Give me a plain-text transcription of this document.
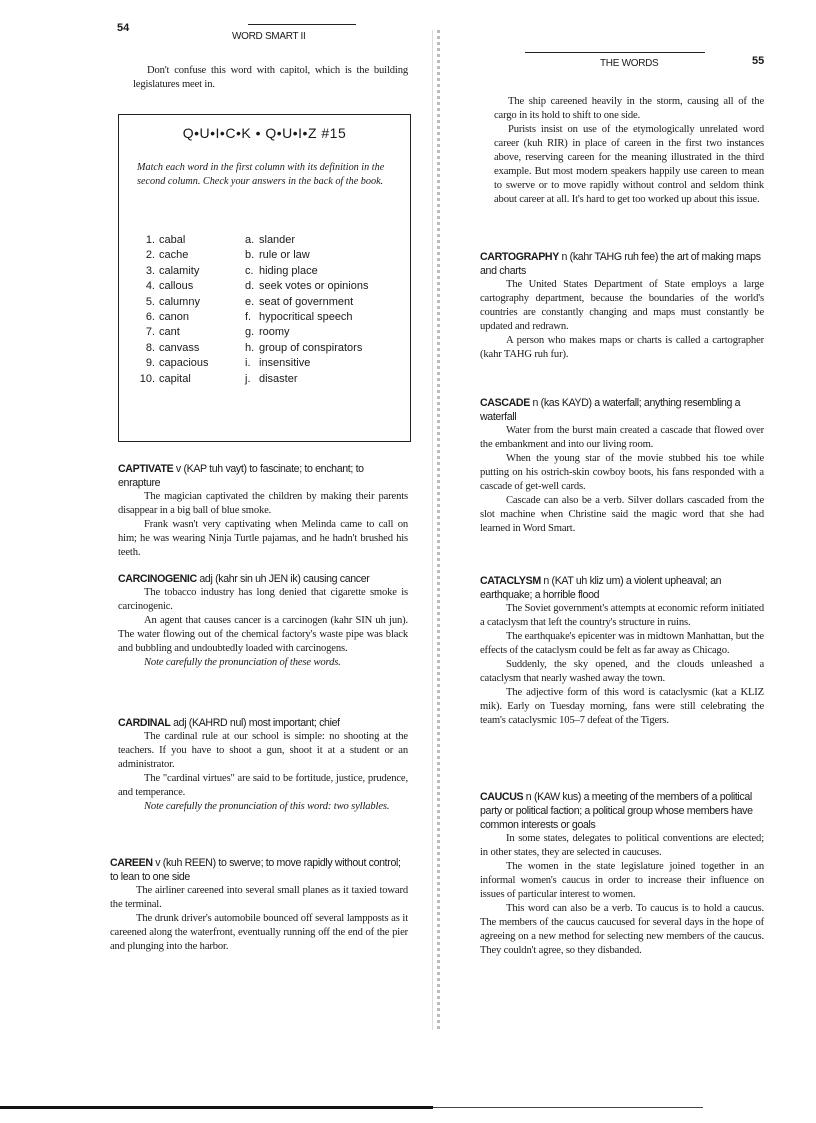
54
WORD SMART II

Don't confuse this word with capitol, which is the building legislatures meet in.

Q•U•I•C•K • Q•U•I•Z #15
Match each word in the first column with its definition in the second column. Check your answers in the back of the book.
1. cabal	a. slander
2. cache	b. rule or law
3. calamity	c. hiding place
4. callous	d. seek votes or opinions
5. calumny	e. seat of government
6. canon	f. hypocritical speech
7. cant	g. roomy
8. canvass	h. group of conspirators
9. capacious	i. insensitive
10. capital	j. disaster
CAPTIVATE v (KAP tuh vayt) to fascinate; to enchant; to enrapture

The magician captivated the children by making their parents disappear in a big ball of blue smoke.

Frank wasn't very captivating when Melinda came to call on him; he was wearing Ninja Turtle pajamas, and he hadn't brushed his teeth.

CARCINOGENIC adj (kahr sin uh JEN ik) causing cancer

The tobacco industry has long denied that cigarette smoke is carcinogenic.

An agent that causes cancer is a carcinogen (kahr SIN uh jun). The water flowing out of the chemical factory's waste pipe was black and bubbling and undoubtedly loaded with carcinogens.

Note carefully the pronunciation of these words.

CARDINAL adj (KAHRD nul) most important; chief

The cardinal rule at our school is simple: no shooting at the teachers. If you have to shoot a gun, shoot it at a student or an administrator.

The "cardinal virtues" are said to be fortitude, justice, prudence, and temperance.

Note carefully the pronunciation of this word: two syllables.

CAREEN v (kuh REEN) to swerve; to move rapidly without control; to lean to one side

The airliner careened into several small planes as it taxied toward the terminal.

The drunk driver's automobile bounced off several lampposts as it careened along the waterfront, eventually running off the end of the pier and plunging into the harbor.

THE WORDS	55

The ship careened heavily in the storm, causing all of the cargo in its hold to shift to one side.

Purists insist on use of the etymologically unrelated word career (kuh RIR) in place of careen in the first two instances above, reserving careen for the meaning illustrated in the third example. But most modern speakers happily use careen to mean to swerve or to move rapidly without control and seldom think about career at all. It's hard to get too worked up about this issue.

CARTOGRAPHY n (kahr TAHG ruh fee) the art of making maps and charts

The United States Department of State employs a large cartography department, because the boundaries of the world's countries are constantly changing and maps must constantly be updated and redrawn.

A person who makes maps or charts is called a cartographer (kahr TAHG ruh fur).

CASCADE n (kas KAYD) a waterfall; anything resembling a waterfall

Water from the burst main created a cascade that flowed over the embankment and into our living room.

When the young star of the movie stubbed his toe while putting on his ostrich-skin cowboy boots, his fans responded with a cascade of get-well cards.

Cascade can also be a verb. Silver dollars cascaded from the slot machine when Christine said the magic word that she had learned in Word Smart.

CATACLYSM n (KAT uh kliz um) a violent upheaval; an earthquake; a horrible flood

The Soviet government's attempts at economic reform initiated a cataclysm that left the country's structure in ruins.

The earthquake's epicenter was in midtown Manhattan, but the effects of the cataclysm could be felt as far away as Chicago.

Suddenly, the sky opened, and the clouds unleashed a cataclysm that nearly washed away the town.

The adjective form of this word is cataclysmic (kat a KLIZ mik). Early on Tuesday morning, fans were still celebrating the team's cataclysmic 105–7 defeat of the Tigers.

CAUCUS n (KAW kus) a meeting of the members of a political party or political faction; a political group whose members have common interests or goals

In some states, delegates to political conventions are elected; in other states, they are selected in caucuses.

The women in the state legislature joined together in an informal women's caucus in order to increase their influence on issues of particular interest to women.

This word can also be a verb. To caucus is to hold a caucus. The members of the caucus caucused for several days in the hope of agreeing on a new method for selecting new members of the caucus. They couldn't agree, so they disbanded.
